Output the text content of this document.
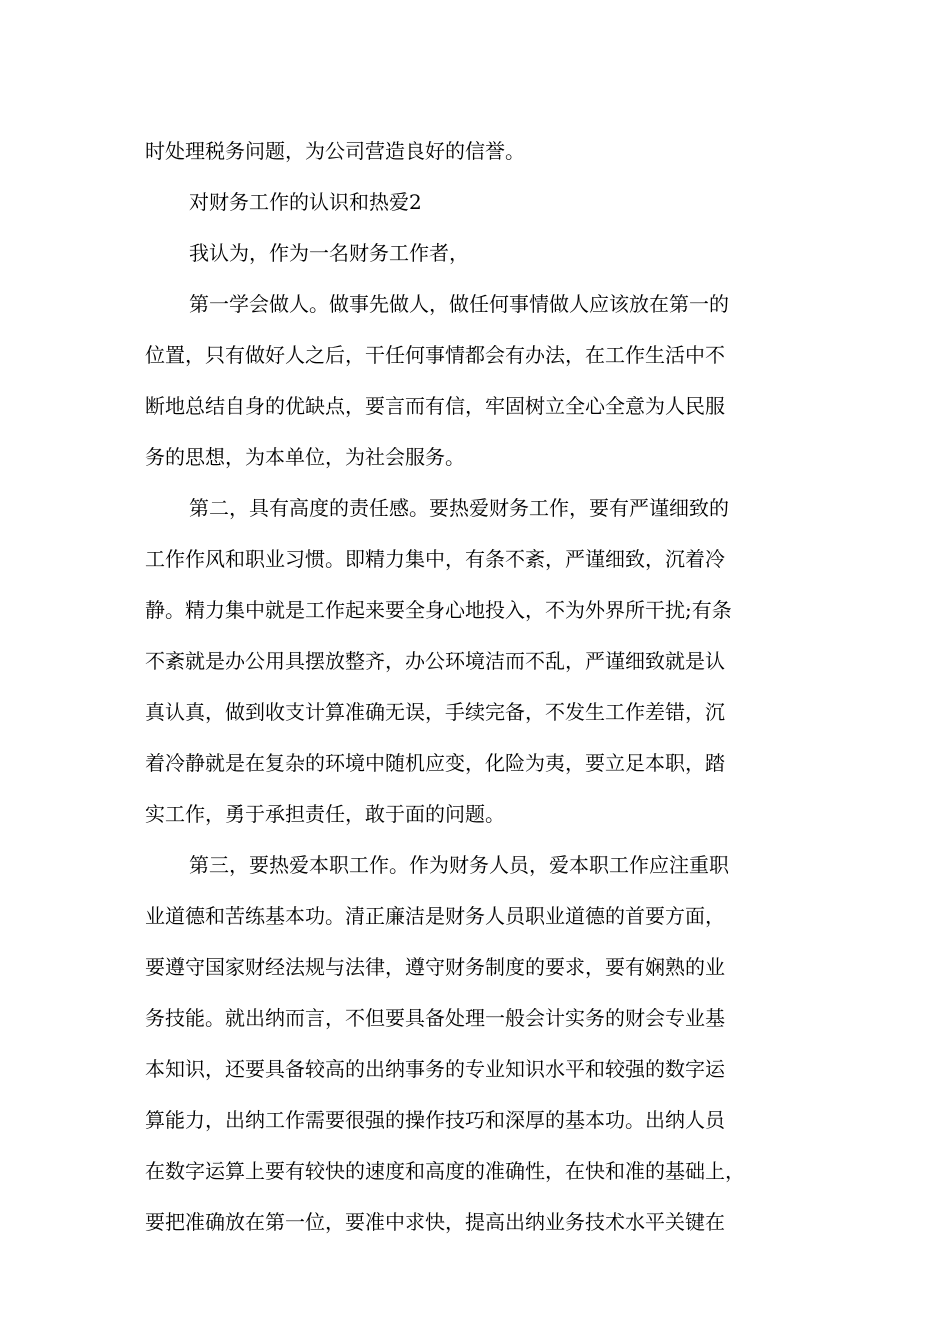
时处理税务问题，为公司营造良好的信誉。
对财务工作的认识和热爱2
我认为，作为一名财务工作者，
第一学会做人。做事先做人，做任何事情做人应该放在第一的
位置，只有做好人之后，干任何事情都会有办法，在工作生活中不
断地总结自身的优缺点，要言而有信，牢固树立全心全意为人民服
务的思想，为本单位，为社会服务。
第二，具有高度的责任感。要热爱财务工作，要有严谨细致的
工作作风和职业习惯。即精力集中，有条不紊，严谨细致，沉着冷
静。精力集中就是工作起来要全身心地投入，不为外界所干扰;有条
不紊就是办公用具摆放整齐，办公环境洁而不乱，严谨细致就是认
真认真，做到收支计算准确无误，手续完备，不发生工作差错，沉
着冷静就是在复杂的环境中随机应变，化险为夷，要立足本职，踏
实工作，勇于承担责任，敢于面的问题。
第三，要热爱本职工作。作为财务人员，爱本职工作应注重职
业道德和苦练基本功。清正廉洁是财务人员职业道德的首要方面，
要遵守国家财经法规与法律，遵守财务制度的要求，要有娴熟的业
务技能。就出纳而言，不但要具备处理一般会计实务的财会专业基
本知识，还要具备较高的出纳事务的专业知识水平和较强的数字运
算能力，出纳工作需要很强的操作技巧和深厚的基本功。出纳人员
在数字运算上要有较快的速度和高度的准确性，在快和准的基础上，
要把准确放在第一位，要准中求快，提高出纳业务技术水平关键在
